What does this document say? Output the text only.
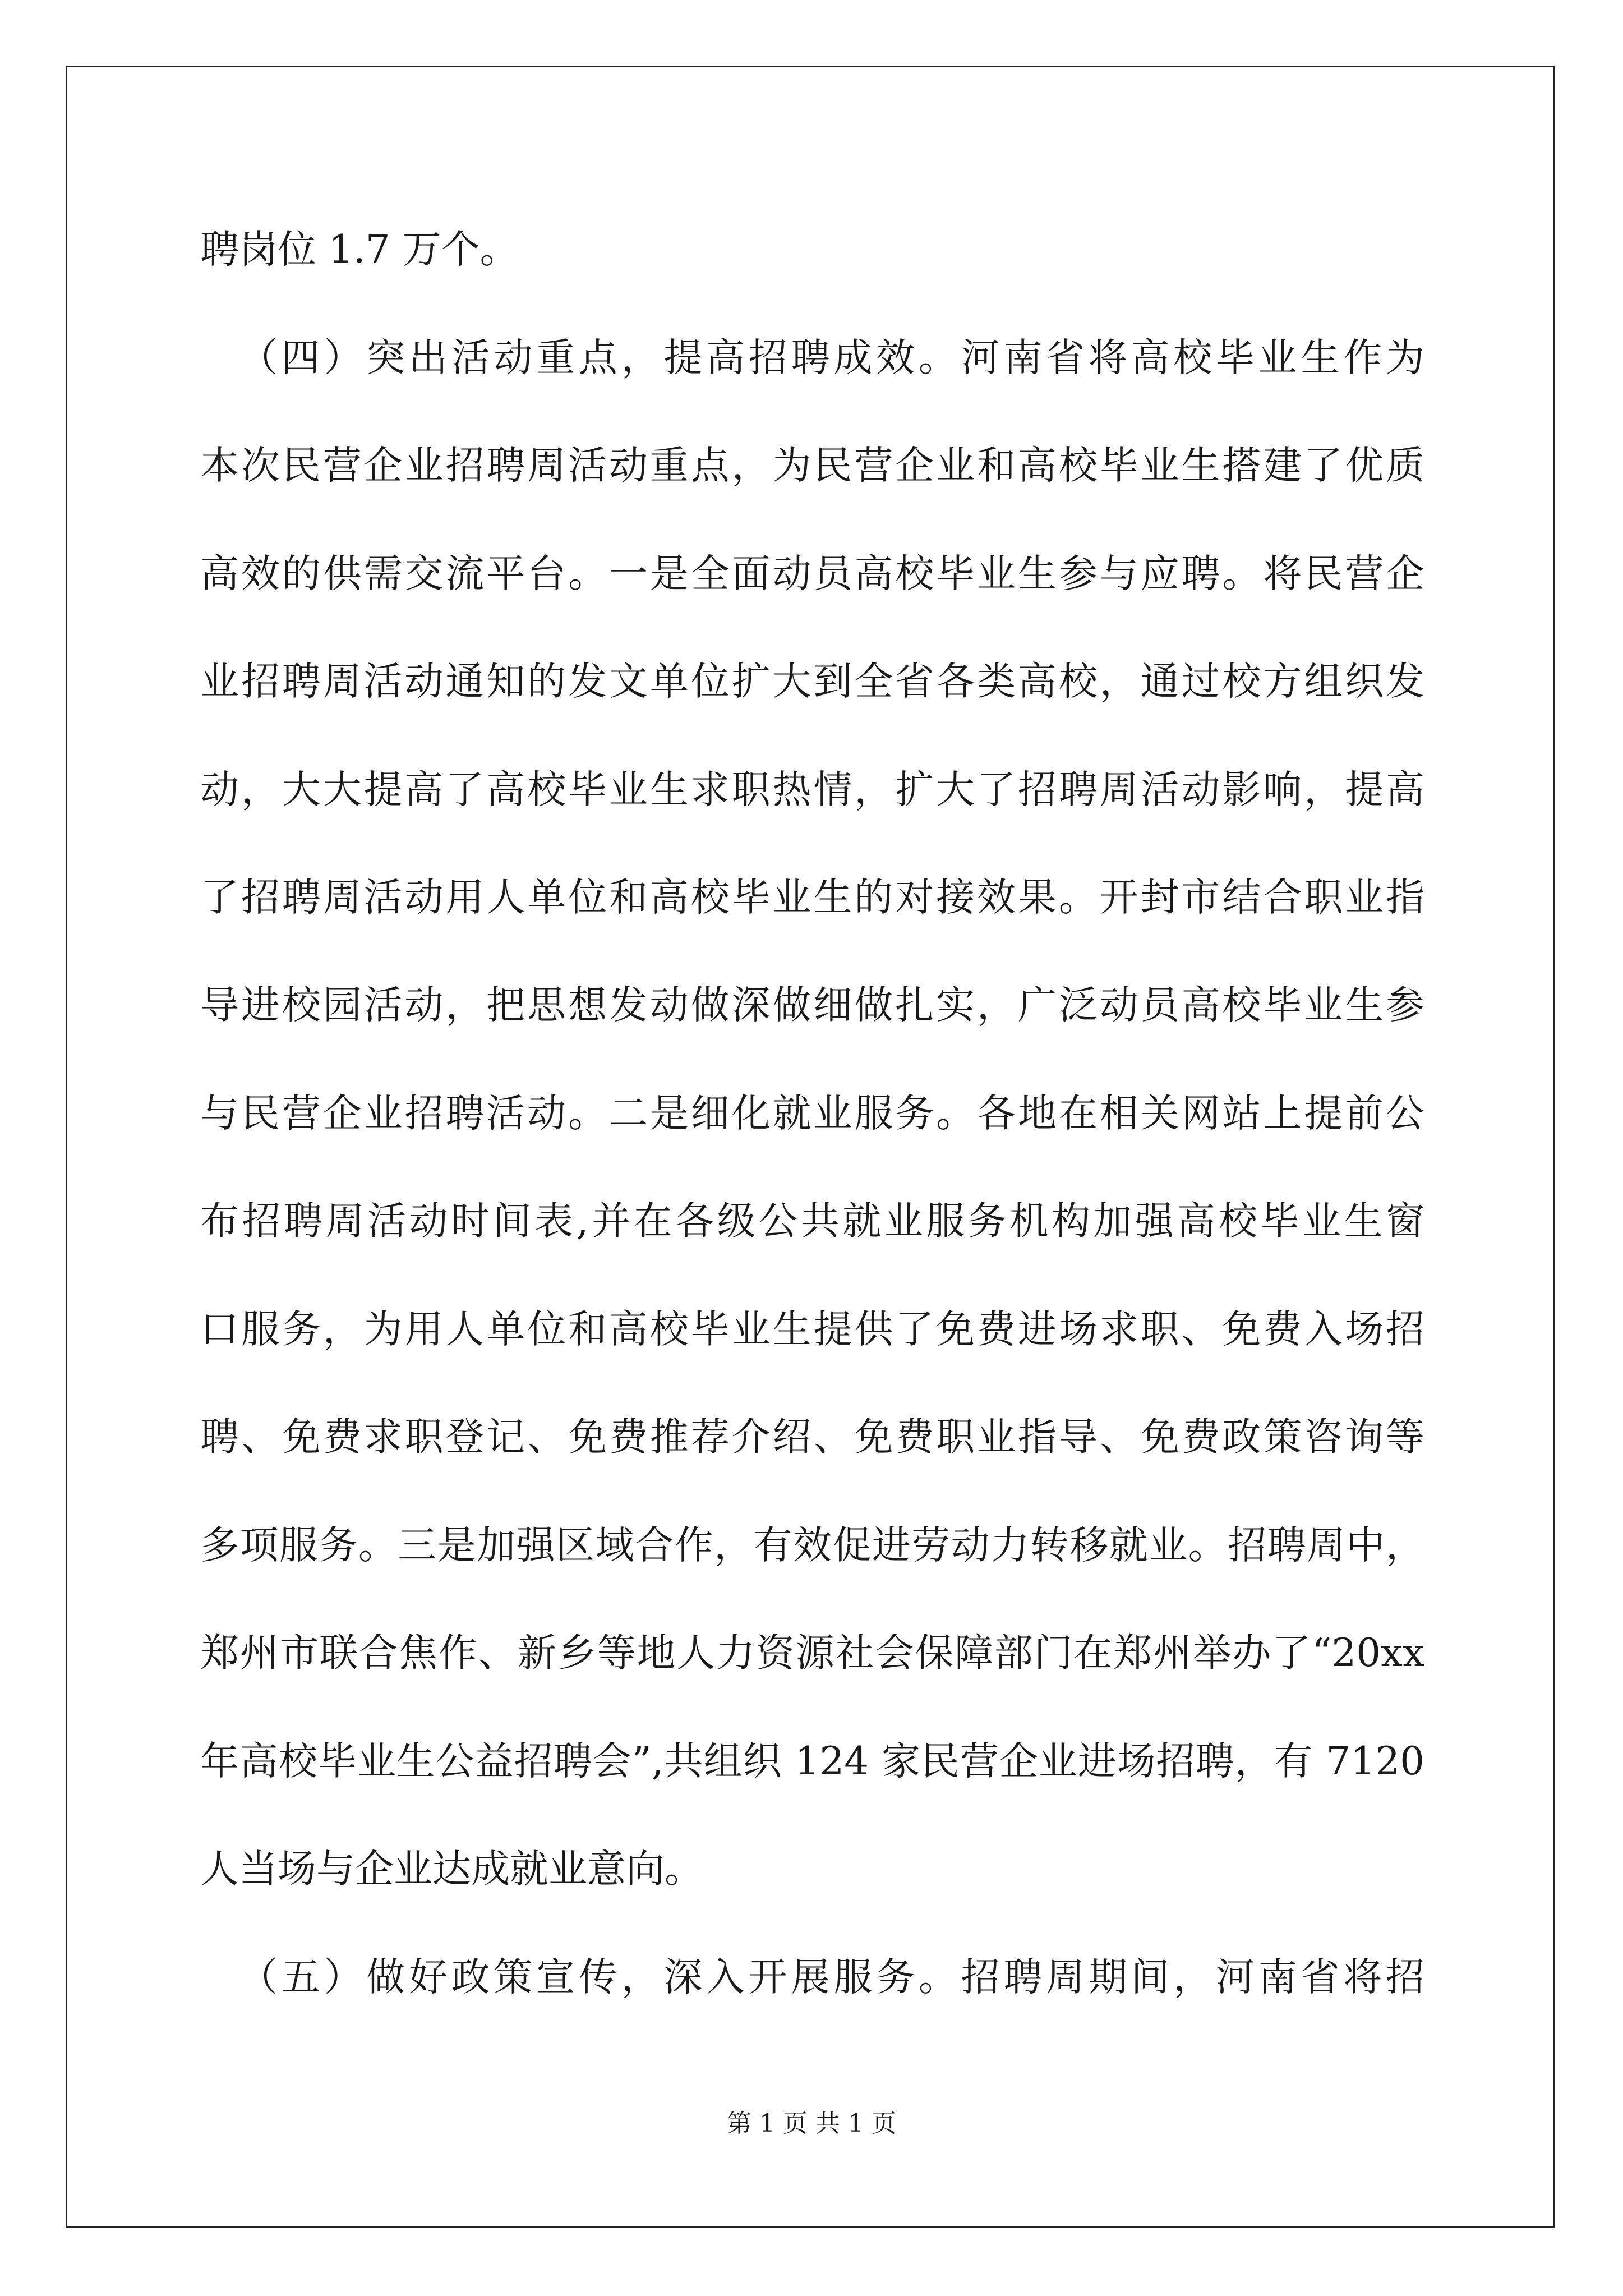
聘岗位 1.7 万个。
（四）突出活动重点，提高招聘成效。河南省将高校毕业生作为
本次民营企业招聘周活动重点，为民营企业和高校毕业生搭建了优质
高效的供需交流平台。一是全面动员高校毕业生参与应聘。将民营企
业招聘周活动通知的发文单位扩大到全省各类高校，通过校方组织发
动，大大提高了高校毕业生求职热情，扩大了招聘周活动影响，提高
了招聘周活动用人单位和高校毕业生的对接效果。开封市结合职业指
导进校园活动，把思想发动做深做细做扎实，广泛动员高校毕业生参
与民营企业招聘活动。二是细化就业服务。各地在相关网站上提前公
布招聘周活动时间表,并在各级公共就业服务机构加强高校毕业生窗
口服务，为用人单位和高校毕业生提供了免费进场求职、免费入场招
聘、免费求职登记、免费推荐介绍、免费职业指导、免费政策咨询等
多项服务。三是加强区域合作，有效促进劳动力转移就业。招聘周中，
郑州市联合焦作、新乡等地人力资源社会保障部门在郑州举办了“20xx
年高校毕业生公益招聘会”,共组织 124 家民营企业进场招聘，有 7120
人当场与企业达成就业意向。
（五）做好政策宣传，深入开展服务。招聘周期间，河南省将招
第 1 页 共 1 页
